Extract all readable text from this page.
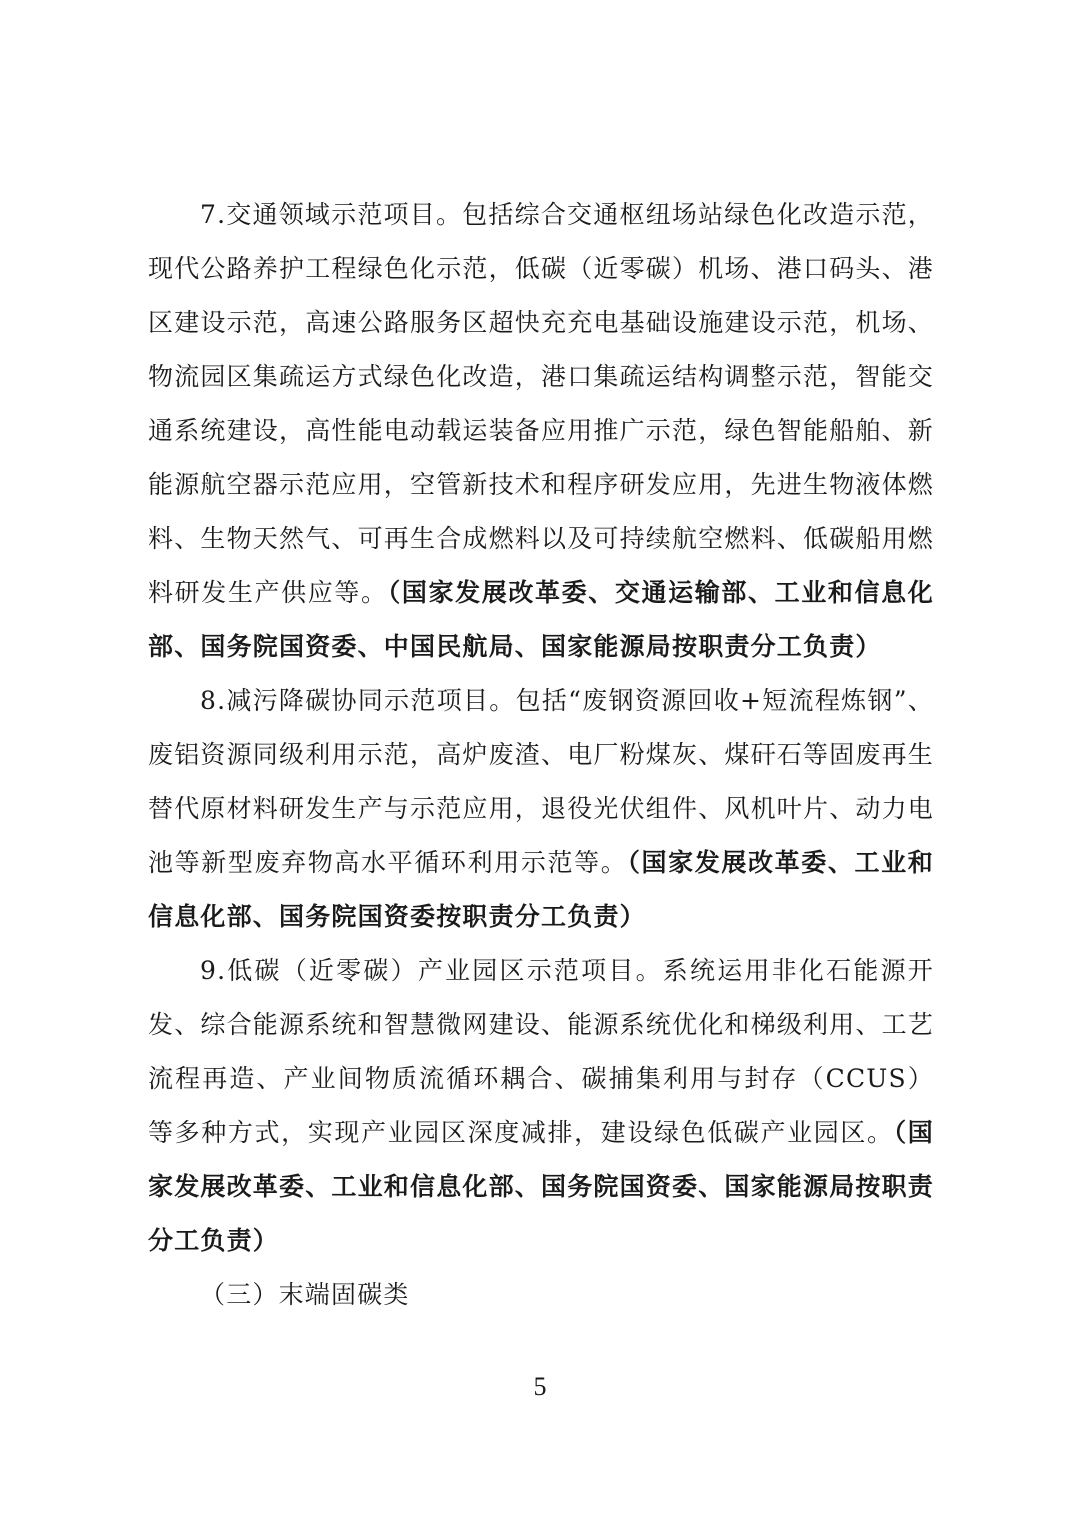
7.交通领域示范项目。包括综合交通枢纽场站绿色化改造示范，现代公路养护工程绿色化示范，低碳（近零碳）机场、港口码头、港区建设示范，高速公路服务区超快充充电基础设施建设示范，机场、物流园区集疏运方式绿色化改造，港口集疏运结构调整示范，智能交通系统建设，高性能电动载运装备应用推广示范，绿色智能船舶、新能源航空器示范应用，空管新技术和程序研发应用，先进生物液体燃料、生物天然气、可再生合成燃料以及可持续航空燃料、低碳船用燃料研发生产供应等。（国家发展改革委、交通运输部、工业和信息化部、国务院国资委、中国民航局、国家能源局按职责分工负责）

8.减污降碳协同示范项目。包括“废钢资源回收+短流程炼钢”、废铝资源同级利用示范，高炉废渣、电厂粉煤灰、煤矸石等固废再生替代原材料研发生产与示范应用，退役光伏组件、风机叶片、动力电池等新型废弃物高水平循环利用示范等。（国家发展改革委、工业和信息化部、国务院国资委按职责分工负责）

9.低碳（近零碳）产业园区示范项目。系统运用非化石能源开发、综合能源系统和智慧微网建设、能源系统优化和梯级利用、工艺流程再造、产业间物质流循环耦合、碳捕集利用与封存（CCUS）等多种方式，实现产业园区深度减排，建设绿色低碳产业园区。（国家发展改革委、工业和信息化部、国务院国资委、国家能源局按职责分工负责）

（三）末端固碳类

5
